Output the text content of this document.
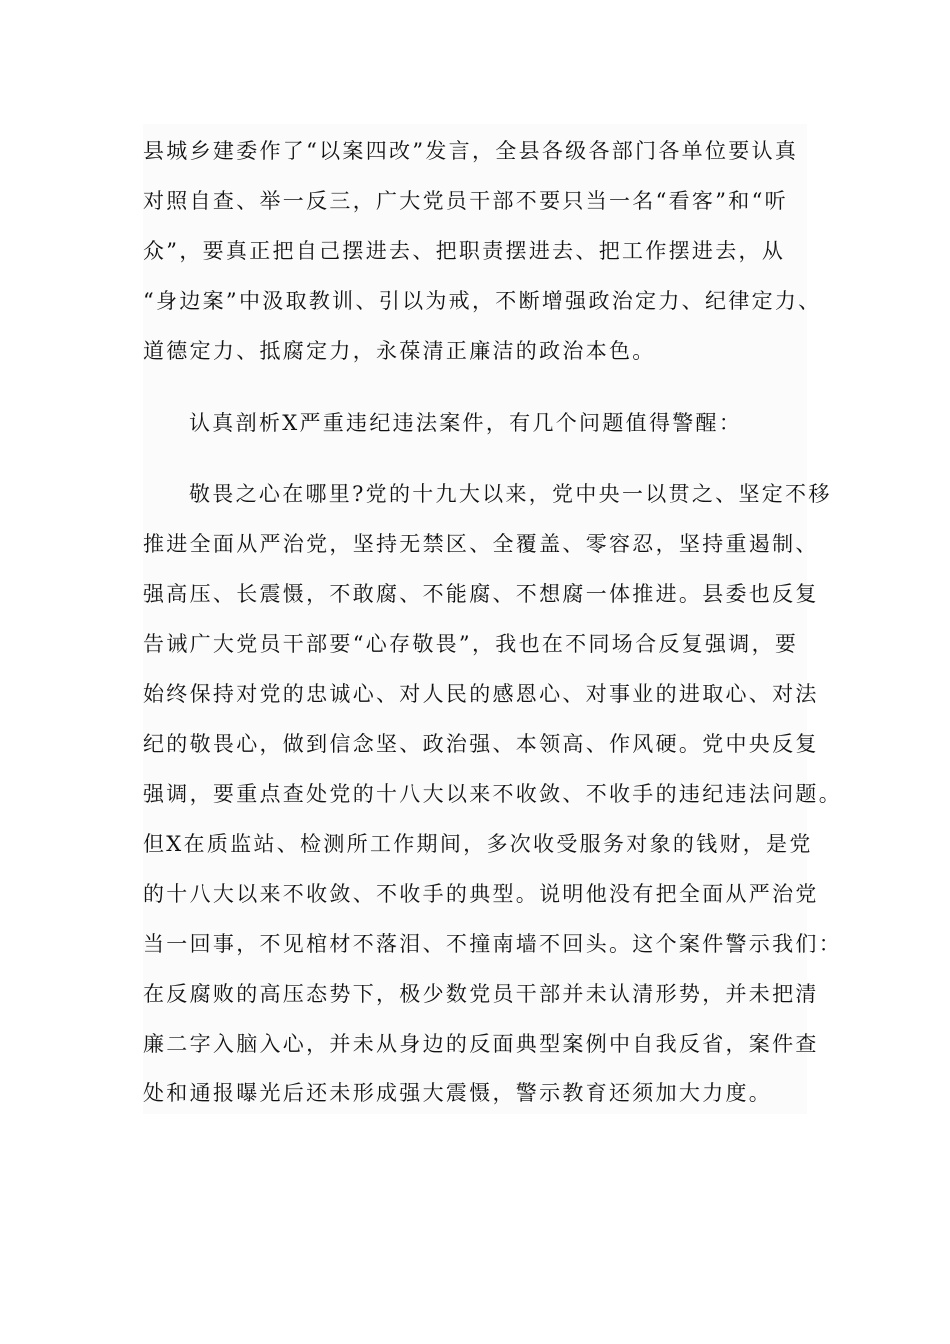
县城乡建委作了“以案四改”发言，全县各级各部门各单位要认真
对照自查、举一反三，广大党员干部不要只当一名“看客”和“听
众”，要真正把自己摆进去、把职责摆进去、把工作摆进去，从
“身边案”中汲取教训、引以为戒，不断增强政治定力、纪律定力、
道德定力、抵腐定力，永葆清正廉洁的政治本色。
认真剖析X严重违纪违法案件，有几个问题值得警醒：
敬畏之心在哪里?党的十九大以来，党中央一以贯之、坚定不移
推进全面从严治党，坚持无禁区、全覆盖、零容忍，坚持重遏制、
强高压、长震慑，不敢腐、不能腐、不想腐一体推进。县委也反复
告诫广大党员干部要“心存敬畏”，我也在不同场合反复强调，要
始终保持对党的忠诚心、对人民的感恩心、对事业的进取心、对法
纪的敬畏心，做到信念坚、政治强、本领高、作风硬。党中央反复
强调，要重点查处党的十八大以来不收敛、不收手的违纪违法问题。
但X在质监站、检测所工作期间，多次收受服务对象的钱财，是党
的十八大以来不收敛、不收手的典型。说明他没有把全面从严治党
当一回事，不见棺材不落泪、不撞南墙不回头。这个案件警示我们：
在反腐败的高压态势下，极少数党员干部并未认清形势，并未把清
廉二字入脑入心，并未从身边的反面典型案例中自我反省，案件查
处和通报曝光后还未形成强大震慑，警示教育还须加大力度。
